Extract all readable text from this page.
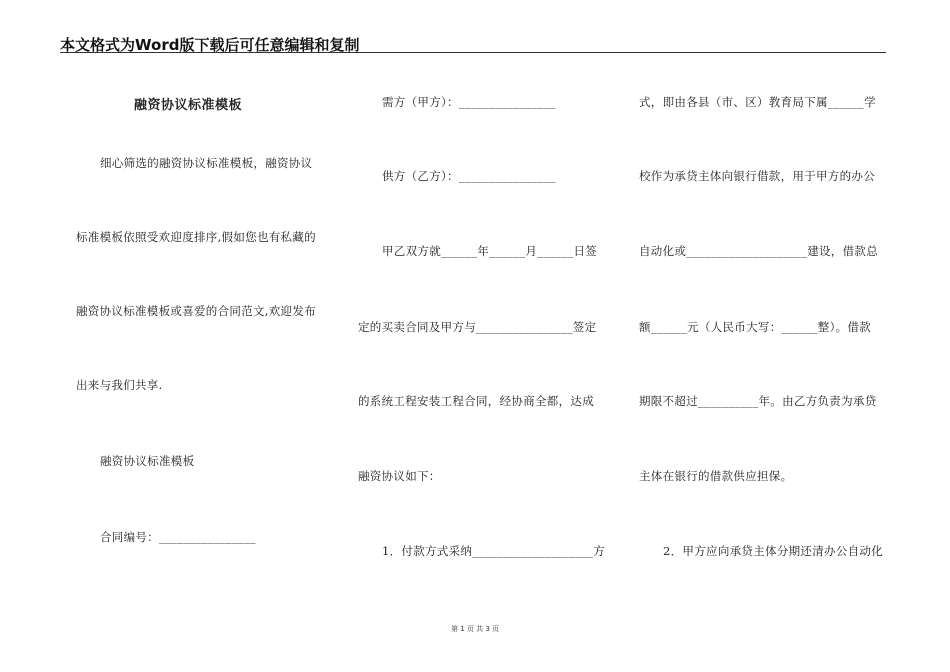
本文格式为Word版下载后可任意编辑和复制
融资协议标准模板
细心筛选的融资协议标准模板，融资协议
标准模板依照受欢迎度排序,假如您也有私藏的
融资协议标准模板或喜爱的合同范文,欢迎发布
出来与我们共享.
融资协议标准模板
合同编号：________________
需方（甲方）：________________
供方（乙方）：________________
甲乙双方就______年______月______日签
定的买卖合同及甲方与________________签定
的系统工程安装工程合同，经协商全都，达成
融资协议如下：
1．付款方式采纳____________________方
式，即由各县（市、区）教育局下属______学
校作为承贷主体向银行借款，用于甲方的办公
自动化或____________________建设，借款总
额______元（人民币大写：______整）。借款
期限不超过__________年。由乙方负责为承贷
主体在银行的借款供应担保。
2．甲方应向承贷主体分期还清办公自动化
第 1 页 共 3 页
